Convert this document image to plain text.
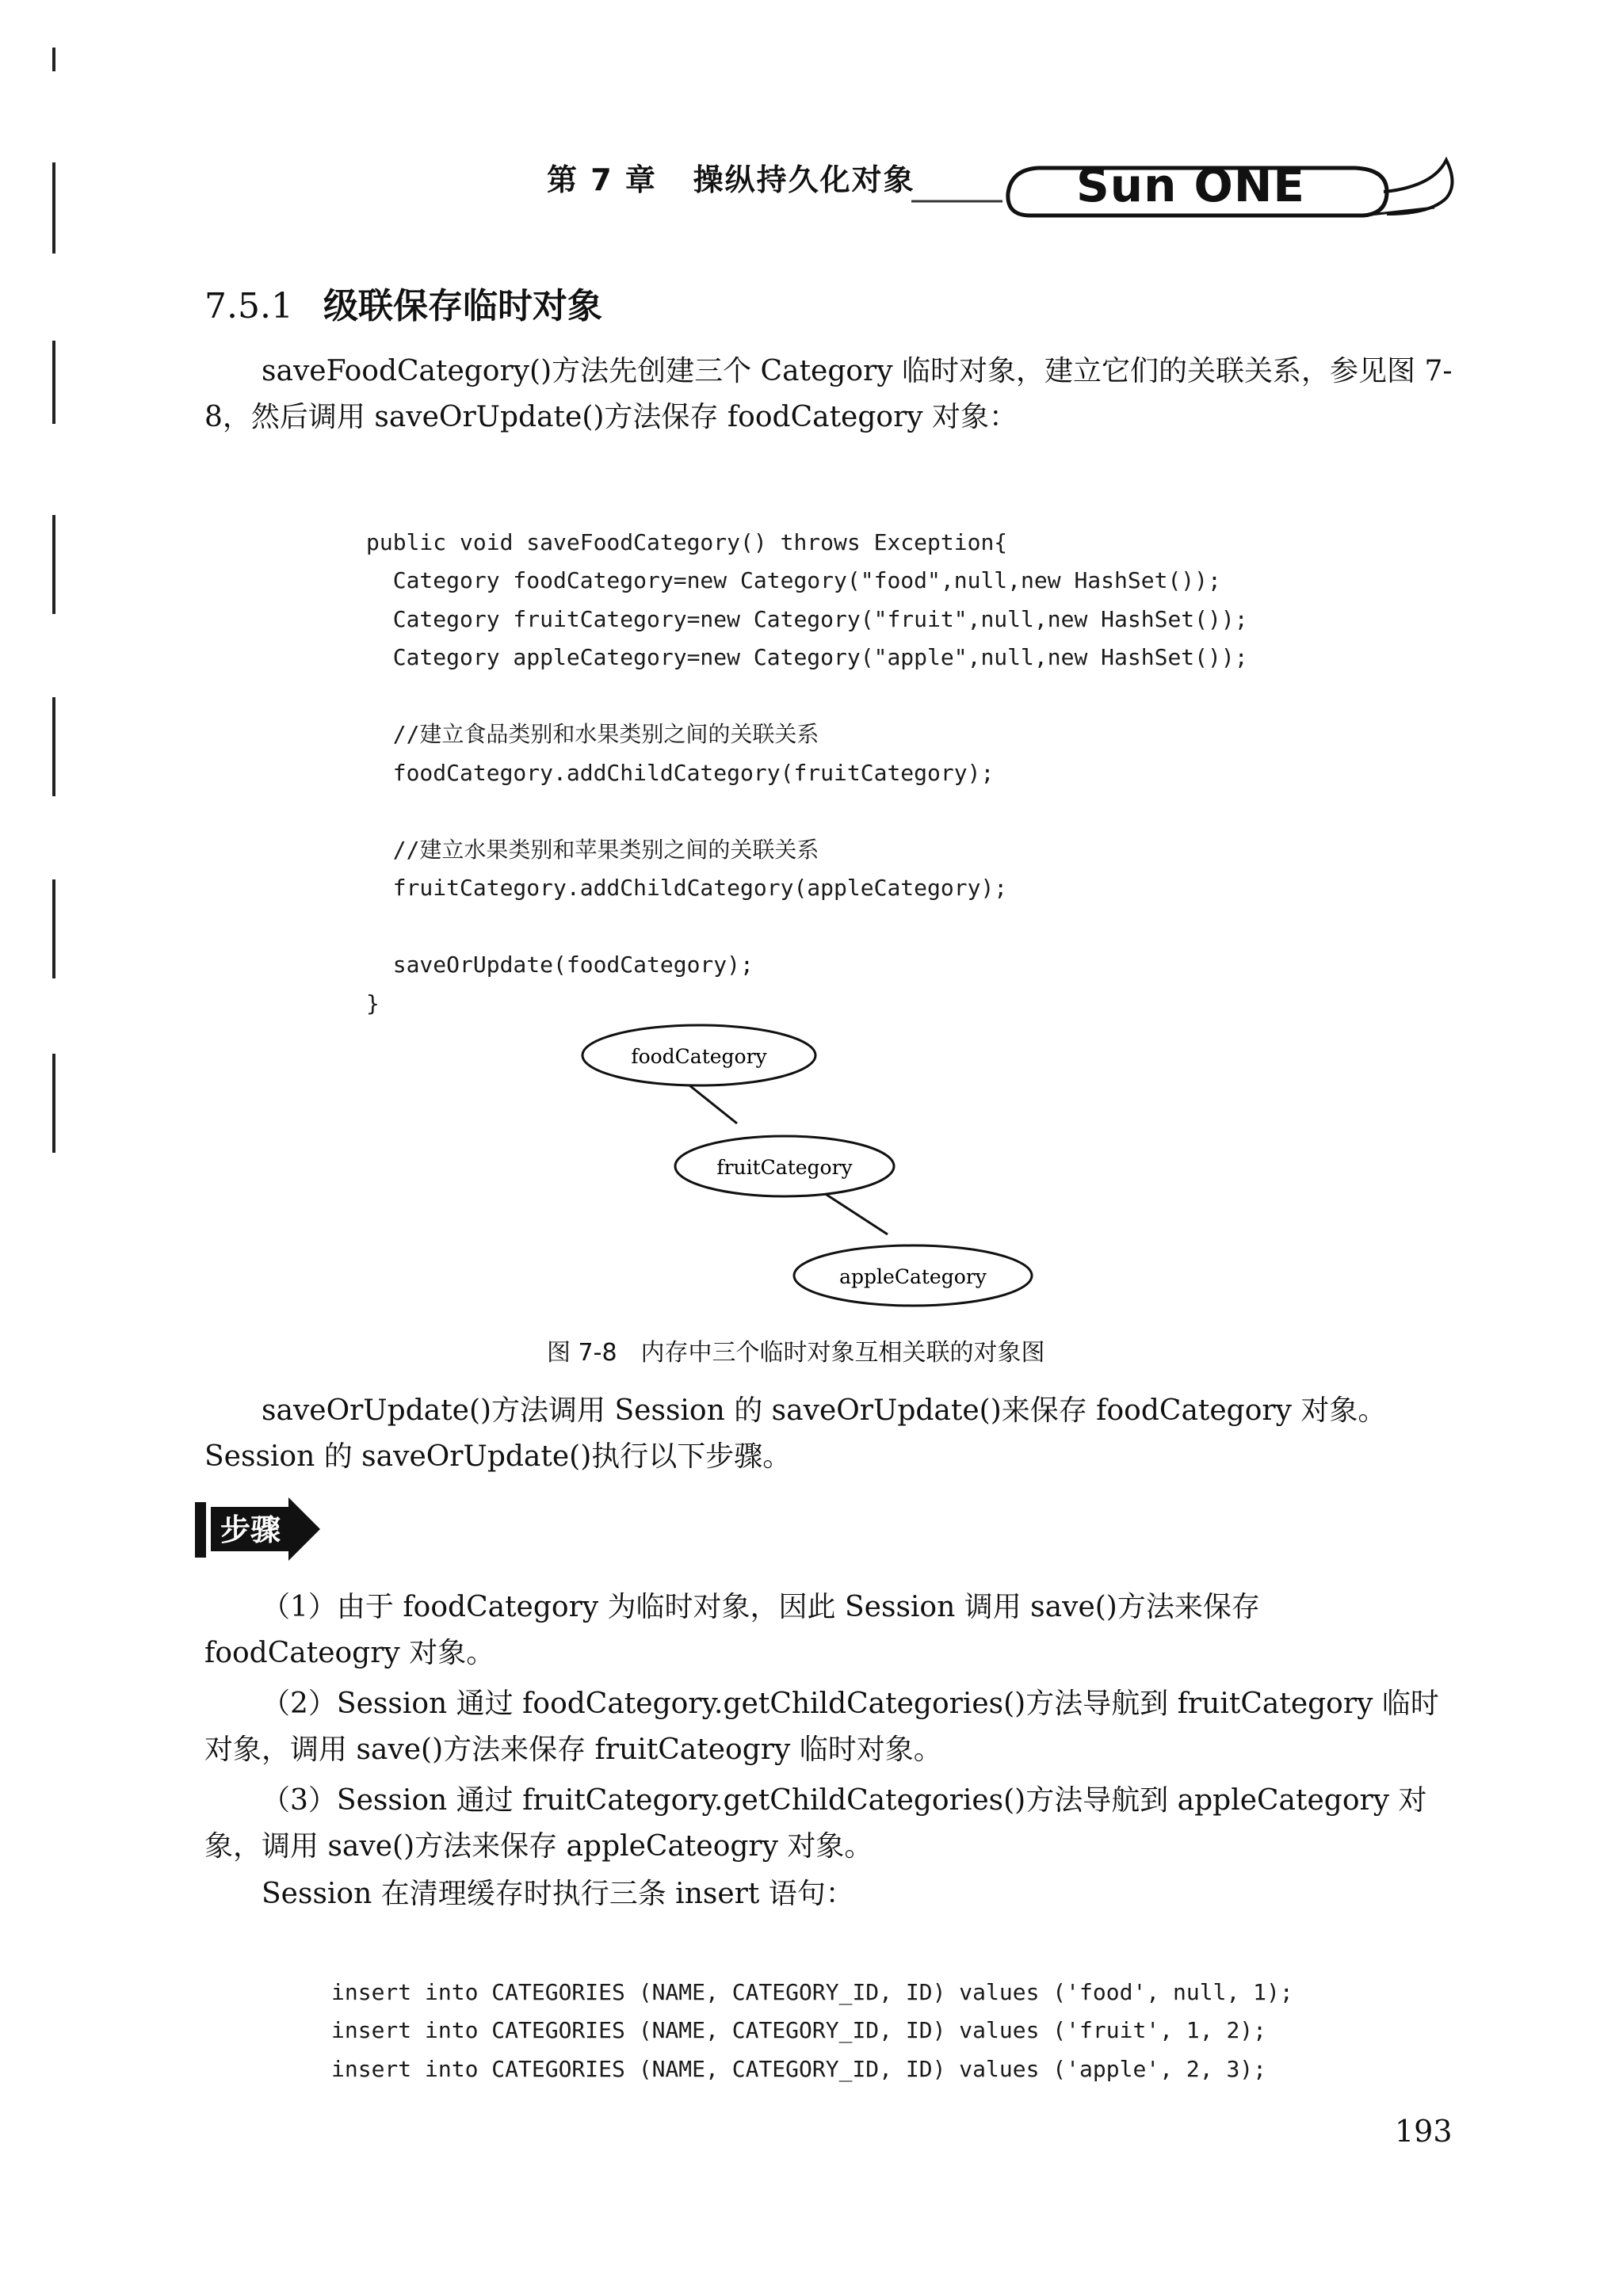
第 7 章 操纵持久化对象	Sun ONE
7.5.1 级联保存临时对象

saveFoodCategory()方法先创建三个 Category 临时对象，建立它们的关联关系，参见图 7-8，然后调用 saveOrUpdate()方法保存 foodCategory 对象：

public void saveFoodCategory() throws Exception{
Category foodCategory=new Category("food",null,new HashSet());
Category fruitCategory=new Category("fruit",null,new HashSet());
Category appleCategory=new Category("apple",null,new HashSet());

//建立食品类别和水果类别之间的关联关系
foodCategory.addChildCategory(fruitCategory);

//建立水果类别和苹果类别之间的关联关系
fruitCategory.addChildCategory(appleCategory);

saveOrUpdate(foodCategory);
}

foodCategory
fruitCategory
appleCategory
图 7-8　内存中三个临时对象互相关联的对象图

saveOrUpdate()方法调用 Session 的 saveOrUpdate()来保存 foodCategory 对象。Session 的 saveOrUpdate()执行以下步骤。

步骤

（1）由于 foodCategory 为临时对象，因此 Session 调用 save()方法来保存 foodCateogry 对象。

（2）Session 通过 foodCategory.getChildCategories()方法导航到 fruitCategory 临时对象，调用 save()方法来保存 fruitCateogry 临时对象。

（3）Session 通过 fruitCategory.getChildCategories()方法导航到 appleCategory 对象，调用 save()方法来保存 appleCateogry 对象。

Session 在清理缓存时执行三条 insert 语句：

insert into CATEGORIES (NAME, CATEGORY_ID, ID) values ('food', null, 1);
insert into CATEGORIES (NAME, CATEGORY_ID, ID) values ('fruit', 1, 2);
insert into CATEGORIES (NAME, CATEGORY_ID, ID) values ('apple', 2, 3);

193
